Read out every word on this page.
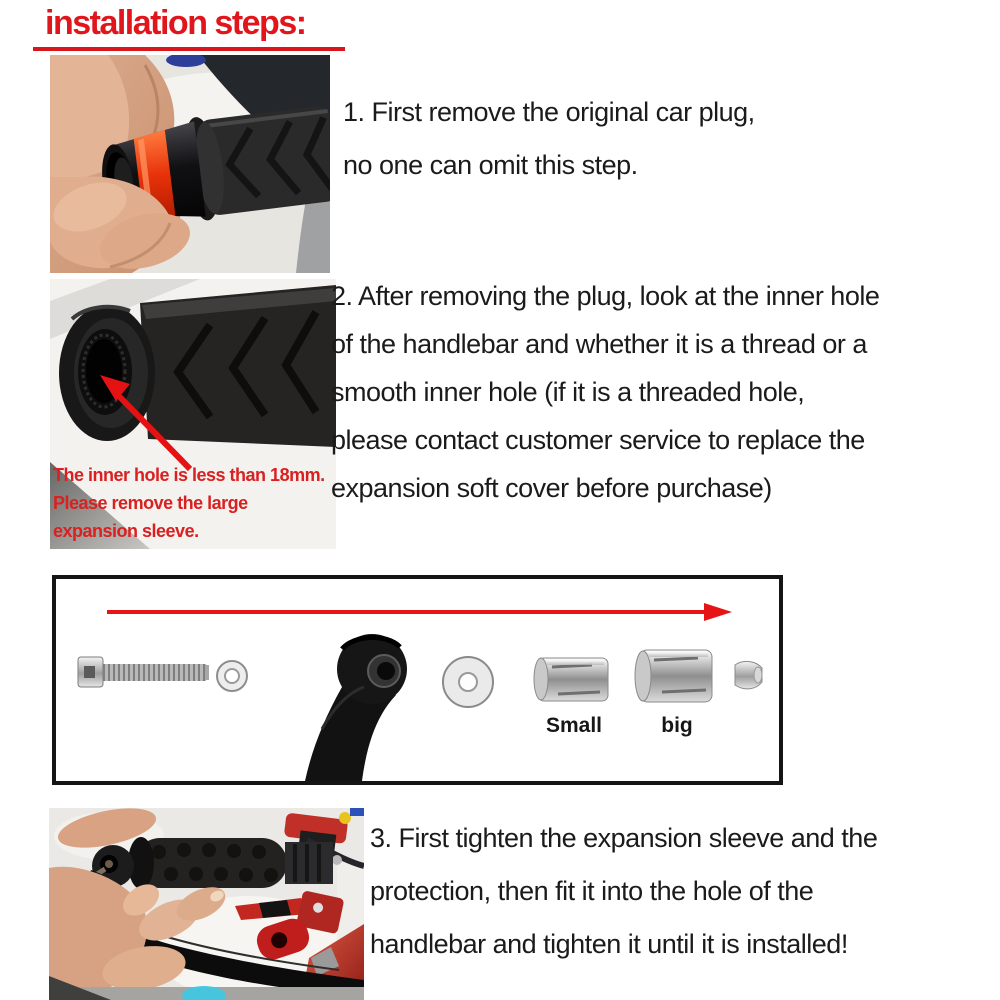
installation steps:
1. First remove the original car plug,
no one can omit this step.
The inner hole is less than 18mm.
Please remove the large
expansion sleeve.
2. After removing the plug, look at the inner hole
of the handlebar and whether it is a thread or a
smooth inner hole (if it is a threaded hole,
please contact customer service to replace the
expansion soft cover before purchase)
Small	big
3. First tighten the expansion sleeve and the
protection, then fit it into the hole of the
handlebar and tighten it until it is installed!
